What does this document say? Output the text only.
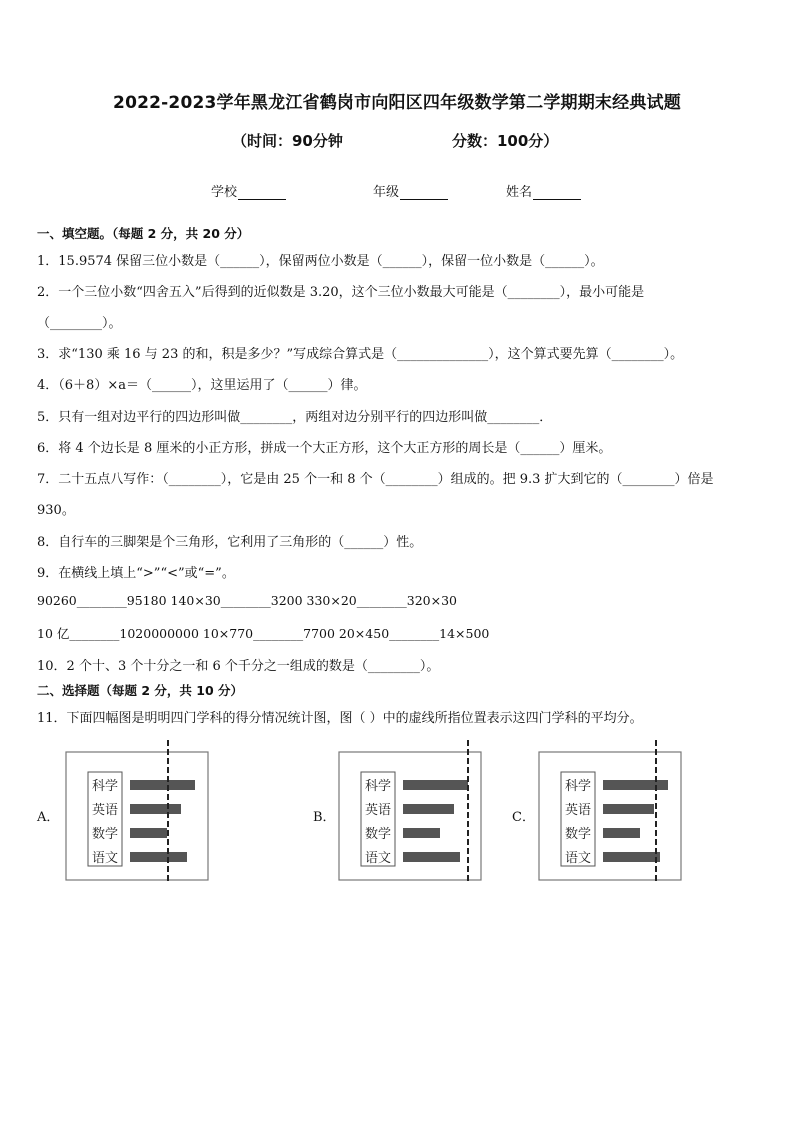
2022-2023学年黑龙江省鹤岗市向阳区四年级数学第二学期期末经典试题
（时间：90分钟	分数：100分）
学校	年级	姓名
一、填空题。（每题 2 分，共 20 分）
1．15.9574 保留三位小数是（______），保留两位小数是（______），保留一位小数是（______）。
2．一个三位小数“四舍五入”后得到的近似数是 3.20，这个三位小数最大可能是（________），最小可能是
（________）。
3．求“130 乘 16 与 23 的和，积是多少？”写成综合算式是（______________），这个算式要先算（________）。
4．（6＋8）×a＝（______），这里运用了（______）律。
5．只有一组对边平行的四边形叫做________，两组对边分别平行的四边形叫做________．
6．将 4 个边长是 8 厘米的小正方形，拼成一个大正方形，这个大正方形的周长是（______）厘米。
7．二十五点八写作：（________），它是由 25 个一和 8 个（________）组成的。把 9.3 扩大到它的（________）倍是
930。
8．自行车的三脚架是个三角形，它利用了三角形的（______）性。
9．在横线上填上“>”“<”或“=”。
90260________95180 140×30________3200 330×20________320×30
10 亿________1020000000 10×770________7700 20×450________14×500
10．2 个十、3 个十分之一和 6 个千分之一组成的数是（________）。
二、选择题（每题 2 分，共 10 分）
11．下面四幅图是明明四门学科的得分情况统计图，图（ ）中的虚线所指位置表示这四门学科的平均分。
A．	B．	C．
科学
英语
数学
语文
科学
英语
数学
语文
科学
英语
数学
语文
